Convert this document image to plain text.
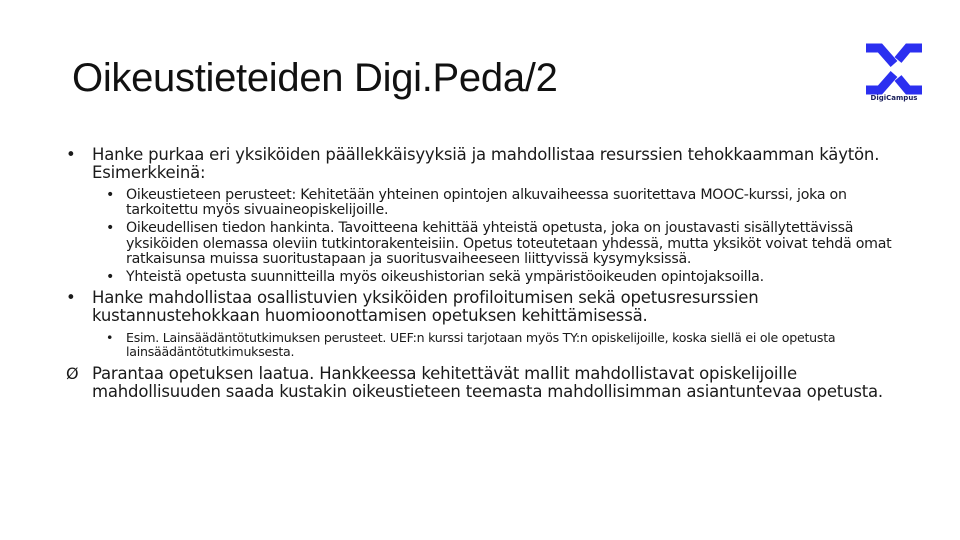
Oikeustieteiden Digi.Peda/2	DigiCampus
• Hanke purkaa eri yksiköiden päällekkäisyyksiä ja mahdollistaa resurssien tehokkaamman käytön. Esimerkkeinä:
• Oikeustieteen perusteet: Kehitetään yhteinen opintojen alkuvaiheessa suoritettava MOOC-kurssi, joka on tarkoitettu myös sivuaineopiskelijoille.
• Oikeudellisen tiedon hankinta. Tavoitteena kehittää yhteistä opetusta, joka on joustavasti sisällytettävissä yksiköiden olemassa oleviin tutkintorakenteisiin. Opetus toteutetaan yhdessä, mutta yksiköt voivat tehdä omat ratkaisunsa muissa suoritustapaan ja suoritusvaiheeseen liittyvissä kysymyksissä.
• Yhteistä opetusta suunnitteilla myös oikeushistorian sekä ympäristöoikeuden opintojaksoilla.
• Hanke mahdollistaa osallistuvien yksiköiden profiloitumisen sekä opetusresurssien kustannustehokkaan huomioonottamisen opetuksen kehittämisessä.
• Esim. Lainsäädäntötutkimuksen perusteet. UEF:n kurssi tarjotaan myös TY:n opiskelijoille, koska siellä ei ole opetusta lainsäädäntötutkimuksesta.
Ø Parantaa opetuksen laatua. Hankkeessa kehitettävät mallit mahdollistavat opiskelijoille mahdollisuuden saada kustakin oikeustieteen teemasta mahdollisimman asiantuntevaa opetusta.
